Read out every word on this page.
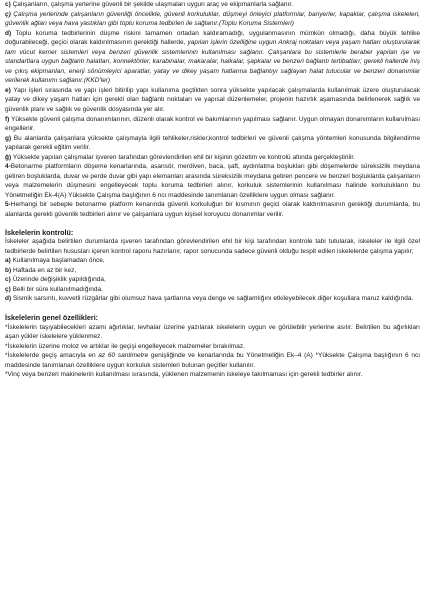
c) Çalışanların, çalışma yerlerine güvenli bir şekilde ulaşmaları uygun araç ve ekipmanlarla sağlanır.

ç) Çalışma yerlerinde çalışanların güvenliği öncelikle, güvenli korkuluklar, düşmeyi önleyici platformlar, bariyerler, kapaklar, çalışma iskeleleri, güvenlik ağları veya hava yastıkları gibi toplu koruma tedbirleri ile sağlanır.(Toplu Koruma Sistemleri)

d) Toplu koruma tedbirlerinin düşme riskini tamamen ortadan kaldıramadığı, uygulanmasının mümkün olmadığı, daha büyük tehlike doğurabileceği, geçici olarak kaldırılmasının gerektiği hallerde, yapılan işlerin özelliğine uygun Ankraj noktaları veya yaşam hatları oluşturularak tam vücut kemer sistemleri veya benzeri güvenlik sistemlerinin kullanılması sağlanır. Çalışanlara bu sistemlerle beraber yapılan işe ve standartlara uygun bağlantı halatları, konnektörler, karabinalar, makaralar, halkalar, şapkalar ve benzeri bağlantı tertibatları; gerekli hallerde iniş ve çıkış ekipmanları, enerji sönümleyici aparatlar, yatay ve dikey yaşam hatlarına bağlantıyı sağlayan halat tutucular ve benzeri donanımlar verilerek kullanımı sağlanır.(KKD'ler)

e) Yapı işleri sırasında ve yapı işleri bitirilip yapı kullanıma geçtikten sonra yüksekte yapılacak çalışmalarda kullanılmak üzere oluşturulacak yatay ve dikey yaşam hatları için gerekli olan bağlantı noktaları ve yapısal düzenlemeler, projenin hazırlık aşamasında belirlenerek sağlık ve güvenlik planı ve sağlık ve güvenlik dosyasında yer alır.

f) Yüksekte güvenli çalışma donanımlarının, düzenli olarak kontrol ve bakımlarının yapılması sağlanır. Uygun olmayan donanımların kullanılması engellenir.

g) Bu alanlarda çalışanlara yüksekte çalışmayla ilgili tehlikeler,riskler,kontrol tedbirleri ve güvenli çalışma yöntemleri konusunda bilgilendirme yapılarak gerekli eğitim verilir.

ğ) Yüksekte yapılan çalışmalar işveren tarafından görevlendirilen ehil bir kişinin gözetim ve kontrolü altında gerçekleştirilir.

4-Betonarme platformların döşeme kenarlarında, asansör, merdiven, baca, şaft, aydınlatma boşlukları gibi döşemelerde süreksizlik meydana getiren boşluklarda, duvar ve perde duvar gibi yapı elemanları arasında süreksizlik meydana getiren pencere ve benzeri boşluklarda çalışanların veya malzemelerin düşmesini engelleyecek toplu koruma tedbirleri alınır, korkuluk sistemlerinin kullanılması halinde korkulukların bu Yönetmeliğin Ek-4(A) Yüksekte Çalışma başlığının 6 ncı maddesinde tanımlanan özelliklere uygun olması sağlanır.

5-Herhangi bir sebeple betonarme platform kenarında güvenli korkuluğun bir kısmının geçici olarak kaldırılmasının gerektiği durumlarda, bu alanlarda gerekli güvenlik tedbirleri alınır ve çalışanlara uygun kişisel koruyucu donanımlar verilir.

İskelelerin kontrolü:

İskeleler aşağıda belirtilen durumlarda işveren tarafından görevlendirilen ehil bir kişi tarafından kontrole tabi tutularak, iskeleler ile ilgili özel tedbirlerde belirtilen hususları içeren kontrol raporu hazırlanır, rapor sonucunda sadece güvenli olduğu tespit edilen iskelelerde çalışma yapılır;

a) Kullanılmaya başlamadan önce,

b) Haftada en az bir kez,

c) Üzerinde değişiklik yapıldığında,

ç) Belli bir süre kullanılmadığında,

d) Sismik sarsıntı, kuvvetli rüzgârlar gibi olumsuz hava şartlarına veya denge ve sağlamlığını etkileyebilecek diğer koşullara maruz kaldığında.

İskelelerin genel özellikleri:

*İskelelerin taşıyabilecekleri azami ağırlıklar, levhalar üzerine yazılarak iskelelerin uygun ve görülebilir yerlerine asılır. Belirtilen bu ağırlıkları aşan yükler iskelelere yüklenmez.

*İskelelerin üzerine moloz ve artıklar ile geçişi engelleyecek malzemeler bırakılmaz.

*İskelelerde geçiş amacıyla en az 60 santimetre genişliğinde ve kenarlarında bu Yönetmeliğin Ek–4 (A) *Yüksekte Çalışma başlığının 6 ncı maddesinde tanımlanan özelliklere uygun korkuluk sistemleri bulunan geçitler kullanılır.

*Vinç veya benzeri makinelerin kullanılması sırasında, yüklenen malzemenin iskeleye takılmaması için gerekli tedbirler alınır.
